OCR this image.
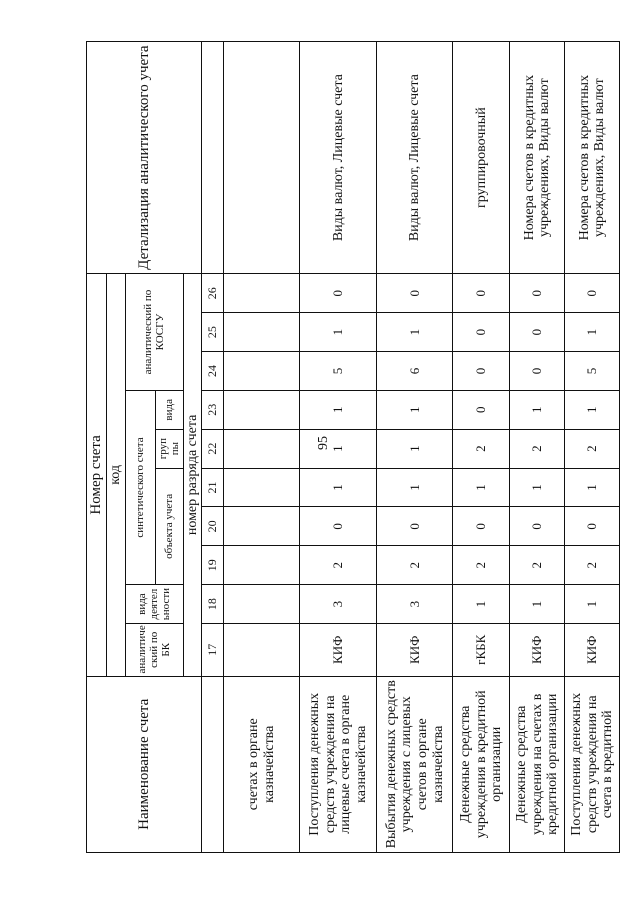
95
Наименование счета	Номер счета										Детализация аналитического учета
	код										
	аналитиче ский по БК	вида деятел ьности	синтетического счета					аналитический по КОСГУ			
			объекта учета			груп пы	вида				
	номер разряда счета										
	17	18	19	20	21	22	23	24	25	26	
счетах в органе казначейства											
Поступления денежных средств учреждения на лицевые счета в органе казначейства	КИФ	3	2	0	1	1	1	5	1	0	Виды валют, Лицевые счета
Выбытия денежных средств учреждения с лицевых счетов в органе казначейства	КИФ	3	2	0	1	1	1	6	1	0	Виды валют, Лицевые счета
Денежные средства учреждения в кредитной организации	гКБК	1	2	0	1	2	0	0	0	0	группировочный
Денежные средства учреждения на счетах в кредитной организации	КИФ	1	2	0	1	2	1	0	0	0	Номера счетов в кредитных учреждениях, Виды валют
Поступления денежных средств учреждения на счета в кредитной	КИФ	1	2	0	1	2	1	5	1	0	Номера счетов в кредитных учреждениях, Виды валют
